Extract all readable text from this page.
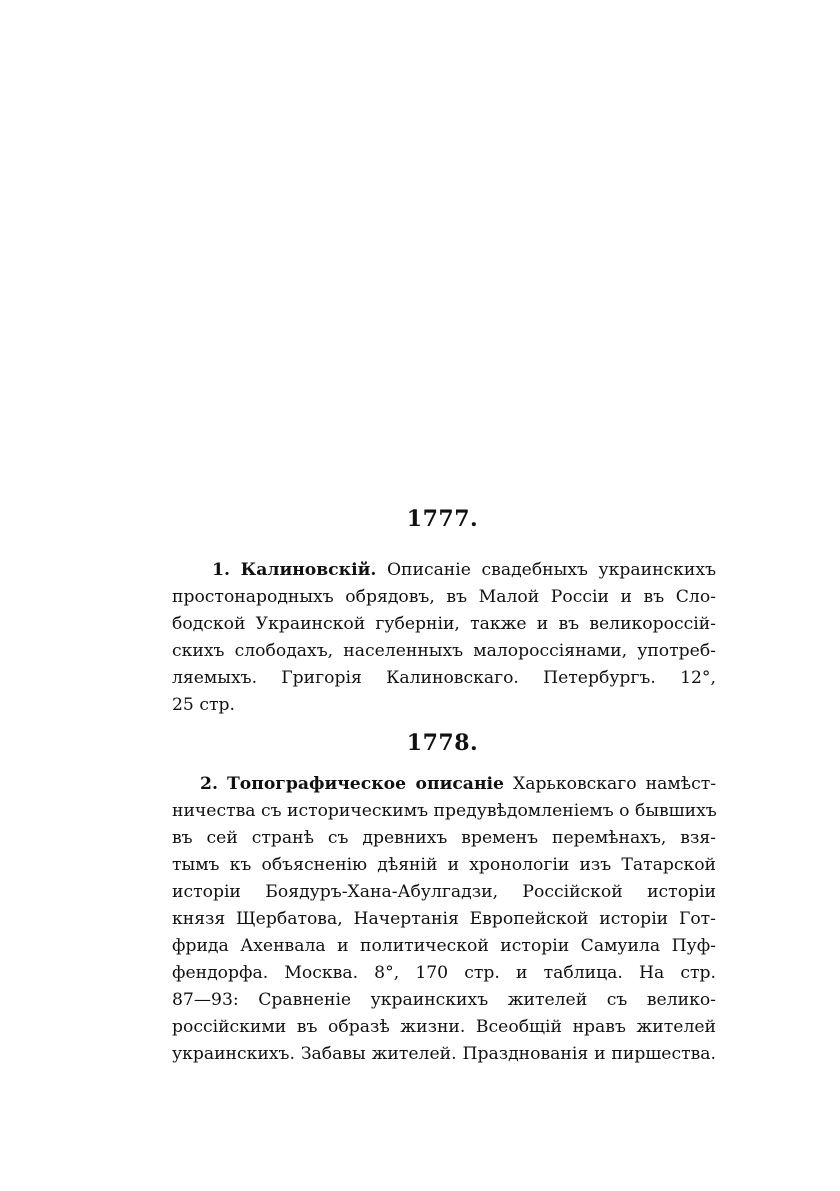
1777.
1. Калиновскій. Описаніе свадебныхъ украинскихъ
простонародныхъ обрядовъ, въ Малой Россіи и въ Сло-
бодской Украинской губерніи, также и въ великороссій-
скихъ слободахъ, населенныхъ малороссіянами, употреб-
ляемыхъ. Григорія Калиновскаго. Петербургъ. 12°,
25 стр.
1778.
2. Топографическое описаніе Харьковскаго намѣст-
ничества съ историческимъ предувѣдомленіемъ о бывшихъ
въ сей странѣ съ древнихъ временъ перемѣнахъ, взя-
тымъ къ объясненію дѣяній и хронологіи изъ Татарской
исторіи Боядуръ-Хана-Абулгадзи, Россійской исторіи
князя Щербатова, Начертанія Европейской исторіи Гот-
фрида Ахенвала и политической исторіи Самуила Пуф-
фендорфа. Москва. 8°, 170 стр. и таблица. На стр.
87—93: Сравненіе украинскихъ жителей съ велико-
россійскими въ образѣ жизни. Всеобщій нравъ жителей
украинскихъ. Забавы жителей. Празднованія и пиршества.
